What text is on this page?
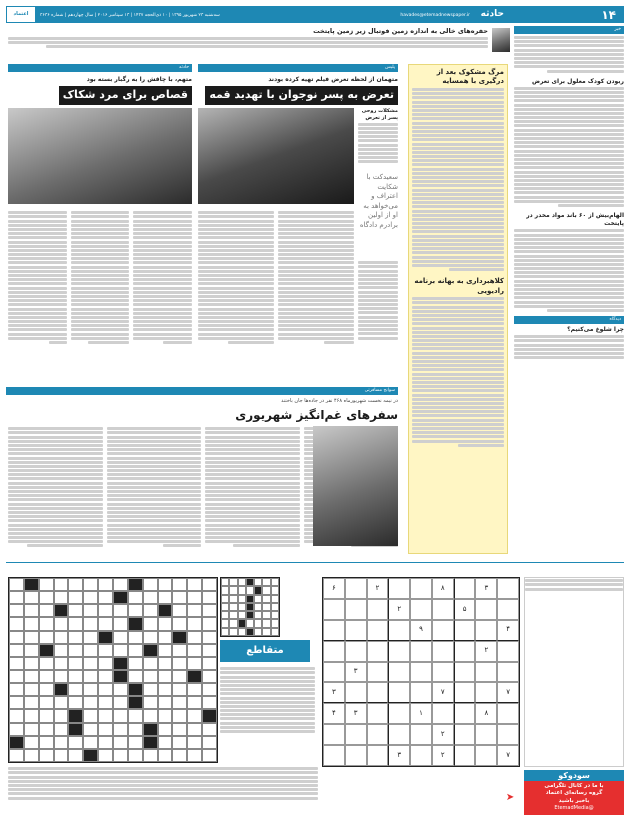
۱۴
حادثه
اعتماد	havades@etemadnewspaper.ir
سه‌شنبه ۲۳ شهریور ۱۳۹۵ | ۱۰ ذی‌الحجه ۱۴۳۷ | ۱۳ سپتامبر ۲۰۱۶ | سال چهاردهم | شماره ۳۶۳۶
حفره‌های خالی به اندازه زمین فوتبال زیر زمین پایتخت	خبر
ربودن کودک معلول برای تعرض
الهام‌بیش از ۶۰ باند مواد مخدر در پایتخت
دیدگاه
چرا شلوغ می‌کنیم؟
مرگ مشکوک بعد از درگیری با همسایه
کلاهبرداری به بهانه برنامه رادیویی
پلیس
حادثه
متهمان از لحظه تعرض فیلم تهیه کرده بودند
تعرض به پسر نوجوان با تهدید قمه
مشکلات روحی پسر از تعرض
سعیدکت با شکایت اعتراف و می‌خواهد به او از اولین برادرم دادگاه
متهم، با چاقش را به رگبار بسته بود
قصاص برای مرد شکاک
سوانح مسافرتی
در نیمه نخست شهریورماه ۴۶۸ نفر در جاده‌ها جان باختند
سفرهای غم‌انگیز شهریوری
۳
۸
۲
۶
۵
۲
۴
۹
۲
۳
۷
۷
۳
۸
۱
۳
۴
۲
۷
۲
۳
سودوکو
با ما در کانال تلگرامی
گروه رسانه‌ای اعتماد
باخبر باشید
@EtemadMedia
➤
متقاطع
